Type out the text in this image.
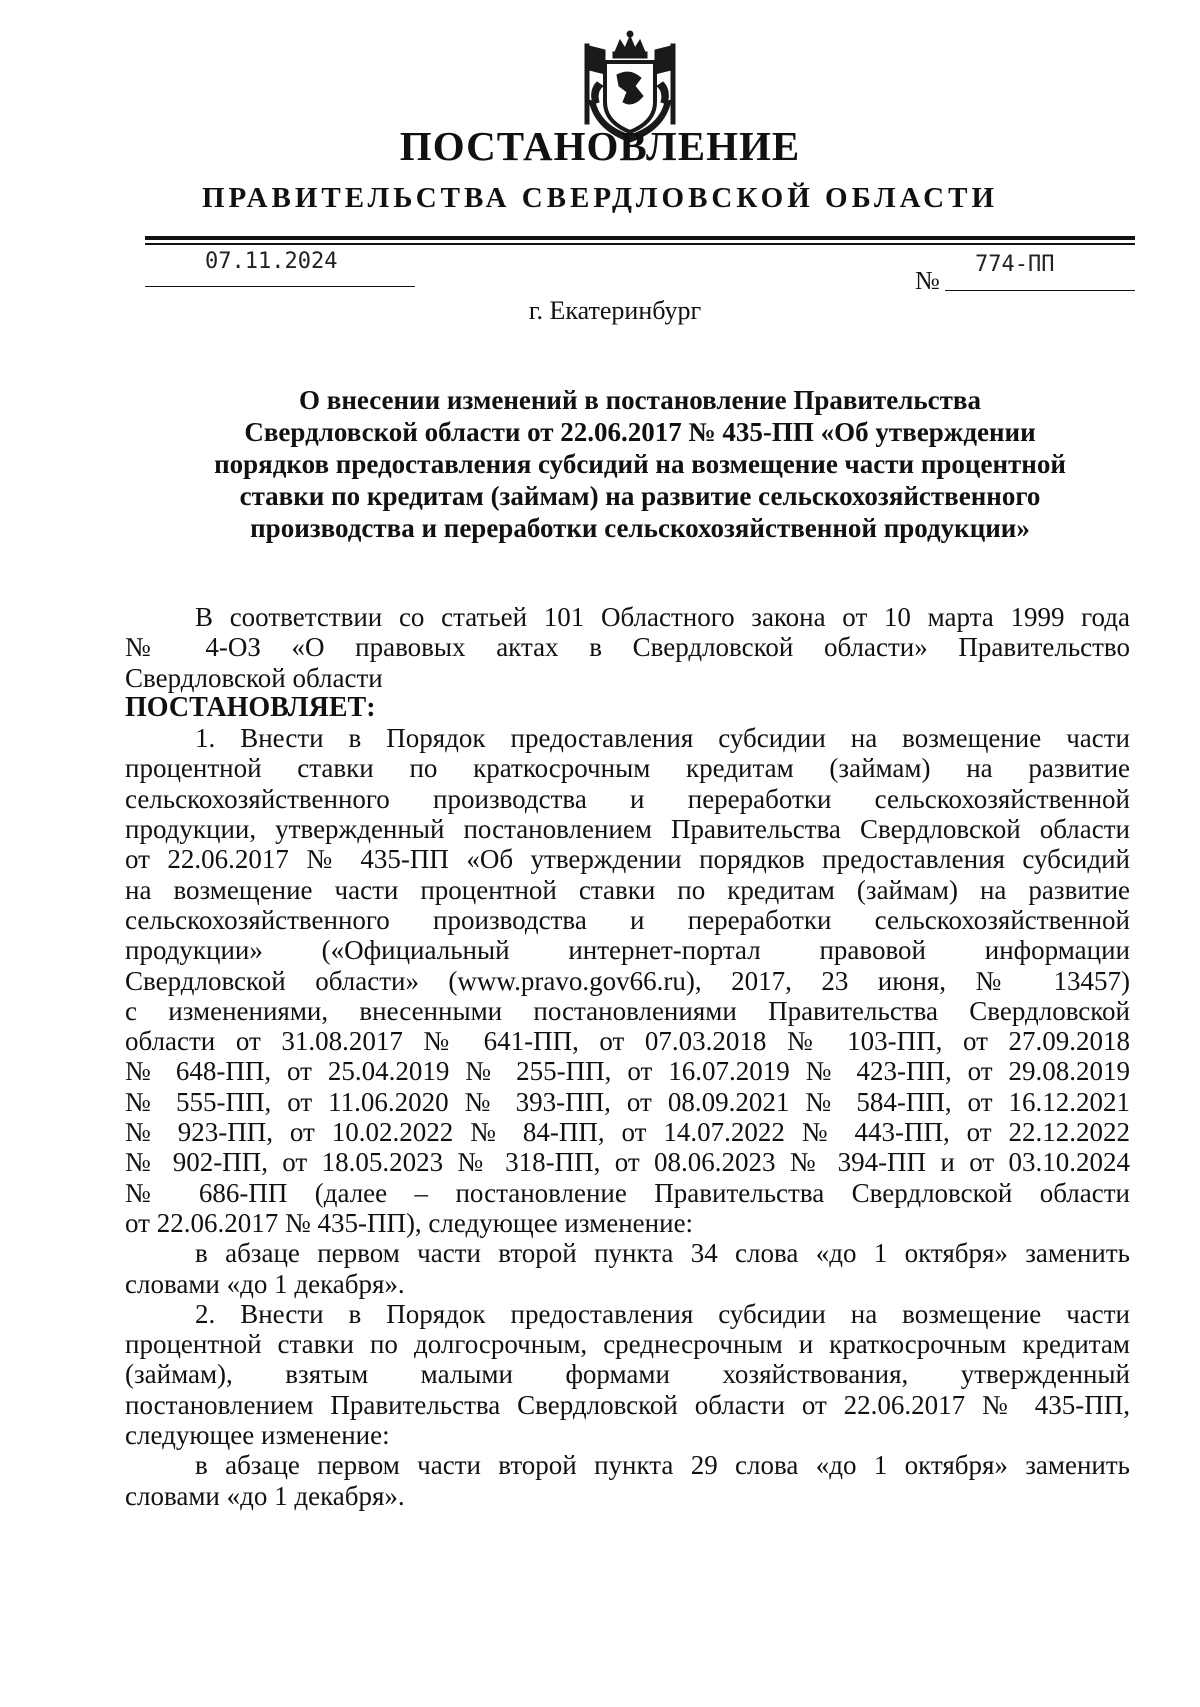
ПОСТАНОВЛЕНИЕ
ПРАВИТЕЛЬСТВА СВЕРДЛОВСКОЙ ОБЛАСТИ
07.11.2024
№
774-ПП
г. Екатеринбург
О внесении изменений в постановление Правительства
Свердловской области от 22.06.2017 № 435-ПП «Об утверждении
порядков предоставления субсидий на возмещение части процентной
ставки по кредитам (займам) на развитие сельскохозяйственного
производства и переработки сельскохозяйственной продукции»

В соответствии со статьей 101 Областного закона от 10 марта 1999 года
№ 4-ОЗ «О правовых актах в Свердловской области» Правительство
Свердловской области

ПОСТАНОВЛЯЕТ:

1. Внести в Порядок предоставления субсидии на возмещение части
процентной ставки по краткосрочным кредитам (займам) на развитие
сельскохозяйственного производства и переработки сельскохозяйственной
продукции, утвержденный постановлением Правительства Свердловской области
от 22.06.2017 № 435-ПП «Об утверждении порядков предоставления субсидий
на возмещение части процентной ставки по кредитам (займам) на развитие
сельскохозяйственного производства и переработки сельскохозяйственной
продукции» («Официальный интернет-портал правовой информации
Свердловской области» (www.pravo.gov66.ru), 2017, 23 июня, № 13457)
с изменениями, внесенными постановлениями Правительства Свердловской
области от 31.08.2017 № 641-ПП, от 07.03.2018 № 103-ПП, от 27.09.2018
№ 648-ПП, от 25.04.2019 № 255-ПП, от 16.07.2019 № 423-ПП, от 29.08.2019
№ 555-ПП, от 11.06.2020 № 393-ПП, от 08.09.2021 № 584-ПП, от 16.12.2021
№ 923-ПП, от 10.02.2022 № 84-ПП, от 14.07.2022 № 443-ПП, от 22.12.2022
№ 902-ПП, от 18.05.2023 № 318-ПП, от 08.06.2023 № 394-ПП и от 03.10.2024
№ 686-ПП (далее – постановление Правительства Свердловской области
от 22.06.2017 № 435-ПП), следующее изменение:

в абзаце первом части второй пункта 34 слова «до 1 октября» заменить
словами «до 1 декабря».

2. Внести в Порядок предоставления субсидии на возмещение части
процентной ставки по долгосрочным, среднесрочным и краткосрочным кредитам
(займам), взятым малыми формами хозяйствования, утвержденный
постановлением Правительства Свердловской области от 22.06.2017 № 435-ПП,
следующее изменение:

в абзаце первом части второй пункта 29 слова «до 1 октября» заменить
словами «до 1 декабря».
